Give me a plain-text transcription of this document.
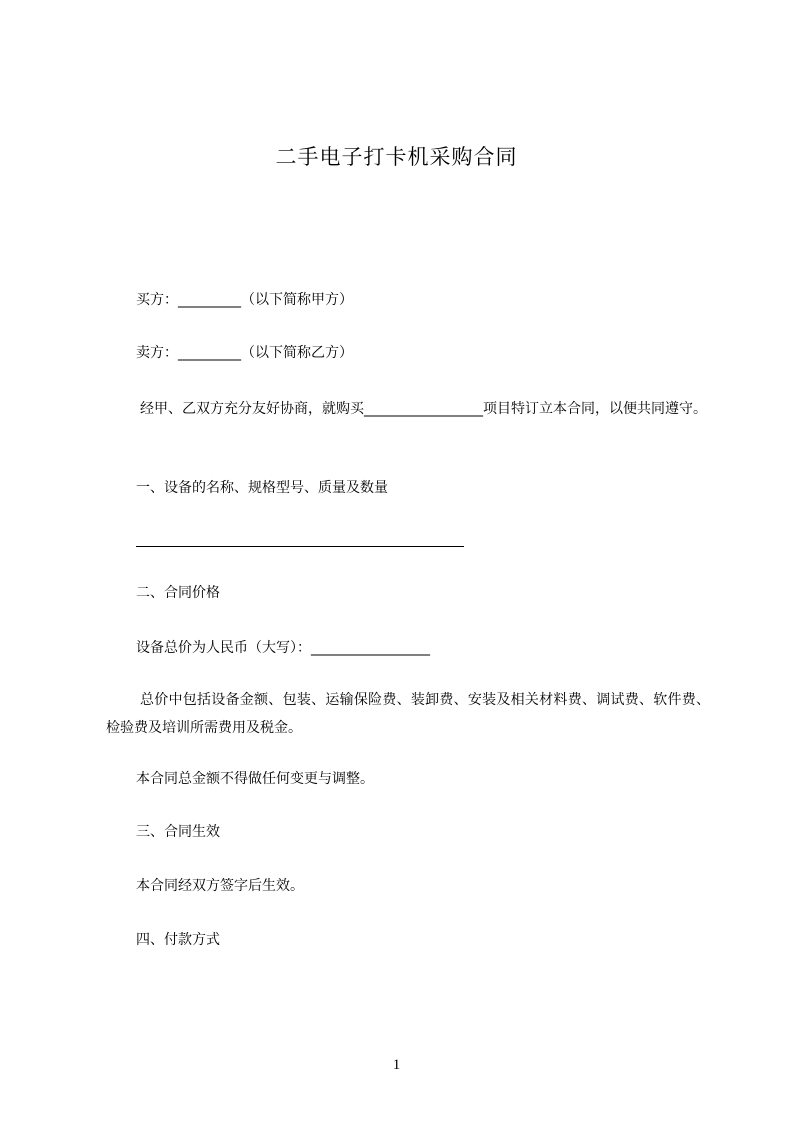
二手电子打卡机采购合同
买方：_________（以下简称甲方）
卖方：_________（以下简称乙方）
经甲、乙双方充分友好协商，就购买_________________项目特订立本合同，以便共同遵守。
一、设备的名称、规格型号、质量及数量
二、合同价格
设备总价为人民币（大写）：_________________
总价中包括设备金额、包装、运输保险费、装卸费、安装及相关材料费、调试费、软件费、检验费及培训所需费用及税金。
本合同总金额不得做任何变更与调整。
三、合同生效
本合同经双方签字后生效。
四、付款方式
1
